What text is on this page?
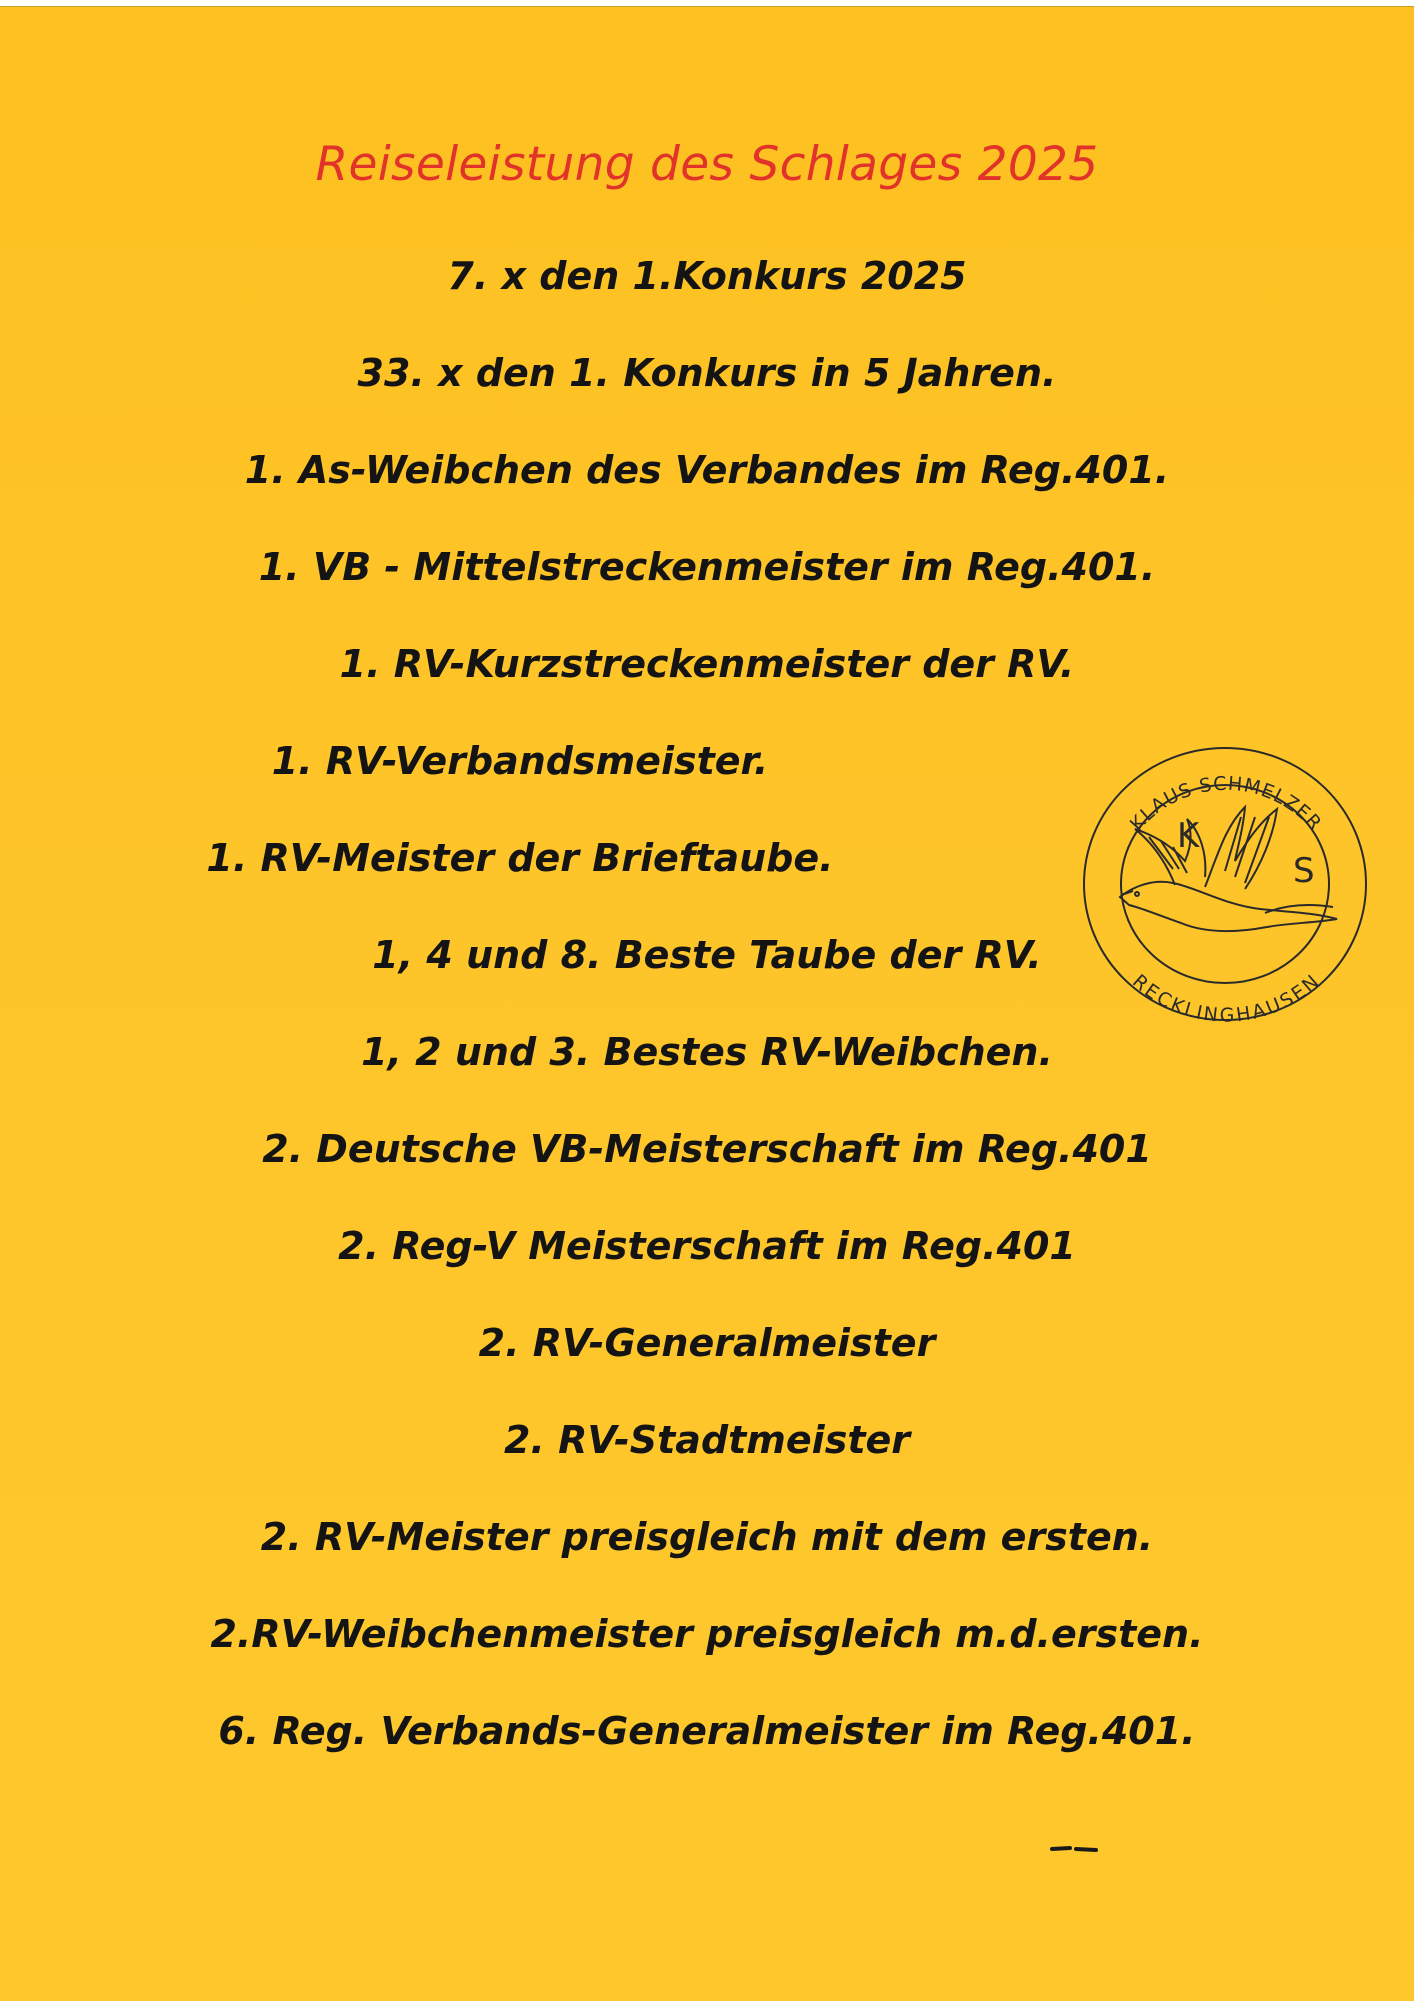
Reiseleistung des Schlages 2025

7. x den 1.Konkurs 2025

33. x den 1. Konkurs in 5 Jahren.

1. As-Weibchen des Verbandes im Reg.401.

1. VB - Mittelstreckenmeister im Reg.401.

1. RV-Kurzstreckenmeister der RV.

1. RV-Verbandsmeister.

1. RV-Meister der Brieftaube.

1, 4 und 8. Beste Taube der RV.

1, 2 und 3. Bestes RV-Weibchen.

2. Deutsche VB-Meisterschaft im Reg.401

2. Reg-V Meisterschaft im Reg.401

2. RV-Generalmeister

2. RV-Stadtmeister

2. RV-Meister preisgleich mit dem ersten.

2.RV-Weibchenmeister preisgleich m.d.ersten.

6. Reg. Verbands-Generalmeister im Reg.401.

KLAUS SCHMELZER
RECKLINGHAUSEN
K
S
